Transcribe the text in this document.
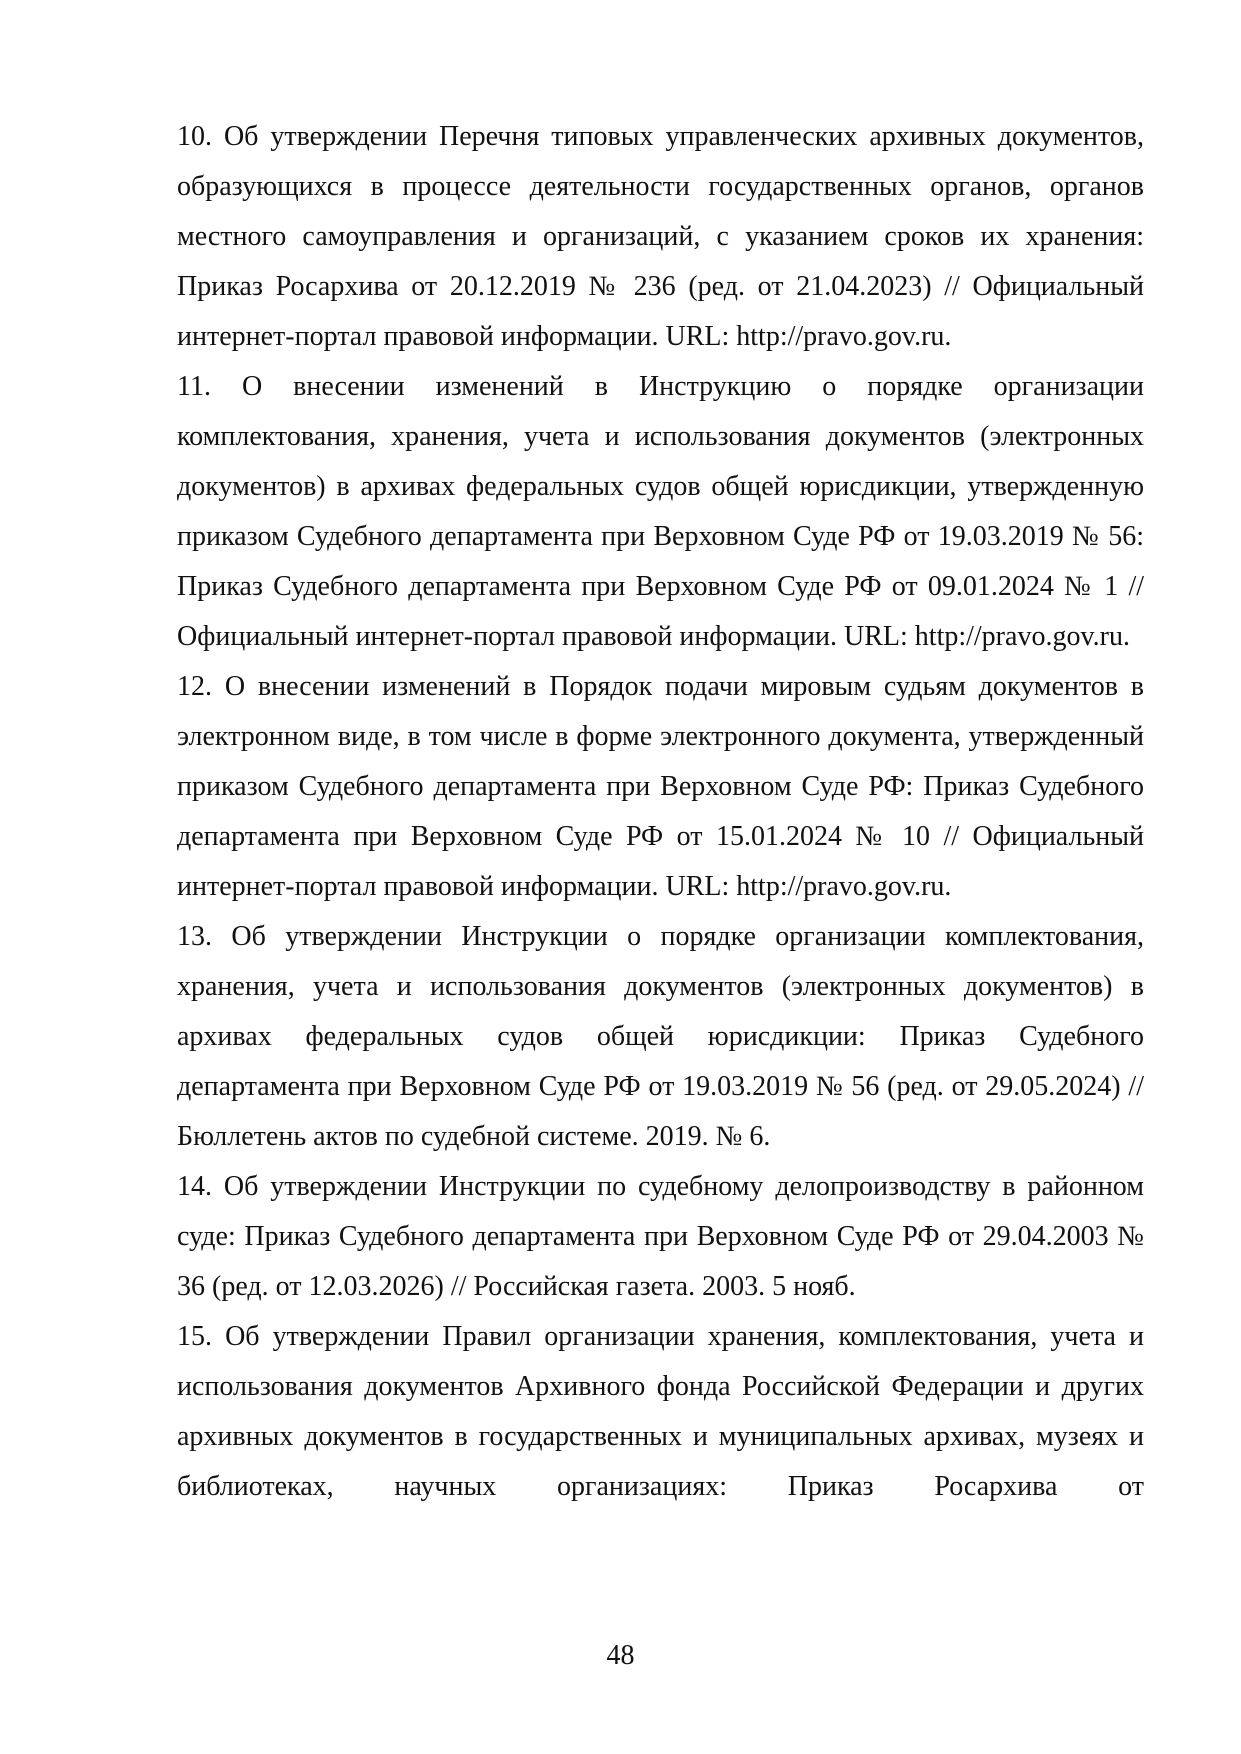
10. Об утверждении Перечня типовых управленческих архивных документов, образующихся в процессе деятельности государственных органов, органов местного самоуправления и организаций, с указанием сроков их хранения: Приказ Росархива от 20.12.2019 № 236 (ред. от 21.04.2023) // Официальный интернет-портал правовой информации. URL: http://pravo.gov.ru.

11. О внесении изменений в Инструкцию о порядке организации комплектования, хранения, учета и использования документов (электронных документов) в архивах федеральных судов общей юрисдикции, утвержденную приказом Судебного департамента при Верховном Суде РФ от 19.03.2019 № 56: Приказ Судебного департамента при Верховном Суде РФ от 09.01.2024 № 1 // Официальный интернет-портал правовой информации. URL: http://pravo.gov.ru.

12. О внесении изменений в Порядок подачи мировым судьям документов в электронном виде, в том числе в форме электронного документа, утвержденный приказом Судебного департамента при Верховном Суде РФ: Приказ Судебного департамента при Верховном Суде РФ от 15.01.2024 № 10 // Официальный интернет-портал правовой информации. URL: http://pravo.gov.ru.

13. Об утверждении Инструкции о порядке организации комплектования, хранения, учета и использования документов (электронных документов) в архивах федеральных судов общей юрисдикции: Приказ Судебного департамента при Верховном Суде РФ от 19.03.2019 № 56 (ред. от 29.05.2024) // Бюллетень актов по судебной системе. 2019. № 6.

14. Об утверждении Инструкции по судебному делопроизводству в районном суде: Приказ Судебного департамента при Верховном Суде РФ от 29.04.2003 № 36 (ред. от 12.03.2026) // Российская газета. 2003. 5 нояб.

15. Об утверждении Правил организации хранения, комплектования, учета и использования документов Архивного фонда Российской Федерации и других архивных документов в государственных и муниципальных архивах, музеях и библиотеках, научных организациях: Приказ Росархива от

48
